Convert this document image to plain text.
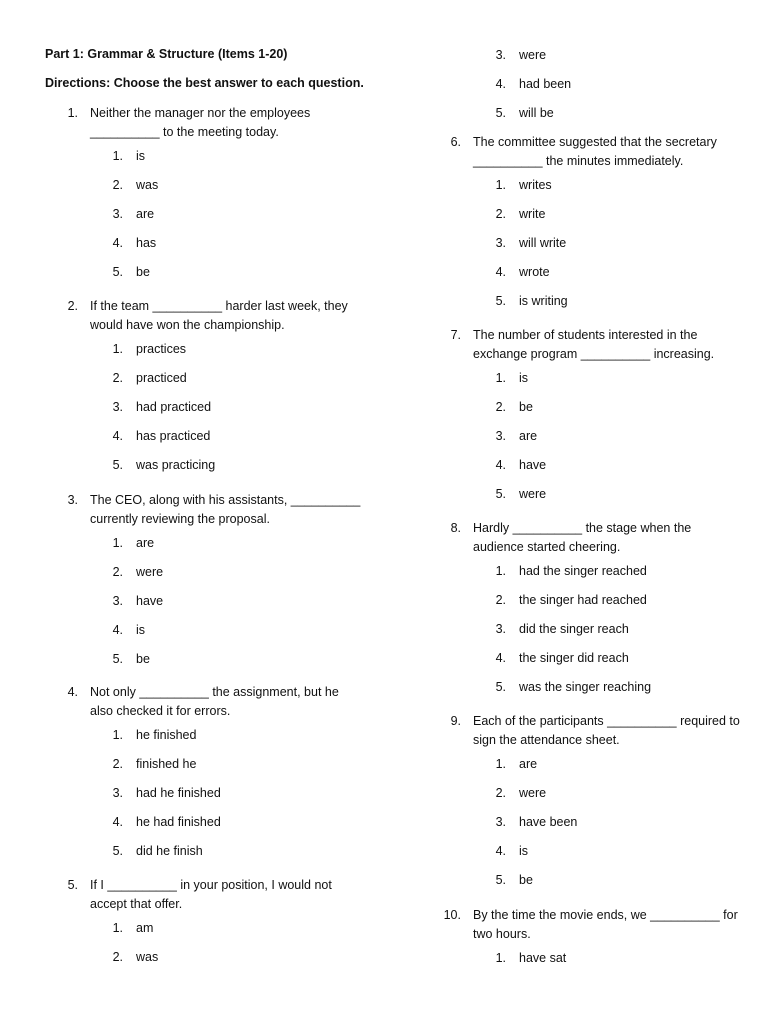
Part 1: Grammar & Structure (Items 1-20)
Directions: Choose the best answer to each question.
1. Neither the manager nor the employees
__________ to the meeting today.
1. is
2. was
3. are
4. has
5. be
2. If the team __________ harder last week, they
would have won the championship.
1. practices
2. practiced
3. had practiced
4. has practiced
5. was practicing
3. The CEO, along with his assistants, __________
currently reviewing the proposal.
1. are
2. were
3. have
4. is
5. be
4. Not only __________ the assignment, but he
also checked it for errors.
1. he finished
2. finished he
3. had he finished
4. he had finished
5. did he finish
5. If I __________ in your position, I would not
accept that offer.
1. am
2. was
3. were
4. had been
5. will be
6. The committee suggested that the secretary
__________ the minutes immediately.
1. writes
2. write
3. will write
4. wrote
5. is writing
7. The number of students interested in the
exchange program __________ increasing.
1. is
2. be
3. are
4. have
5. were
8. Hardly __________ the stage when the
audience started cheering.
1. had the singer reached
2. the singer had reached
3. did the singer reach
4. the singer did reach
5. was the singer reaching
9. Each of the participants __________ required to
sign the attendance sheet.
1. are
2. were
3. have been
4. is
5. be
10. By the time the movie ends, we __________ for
two hours.
1. have sat
